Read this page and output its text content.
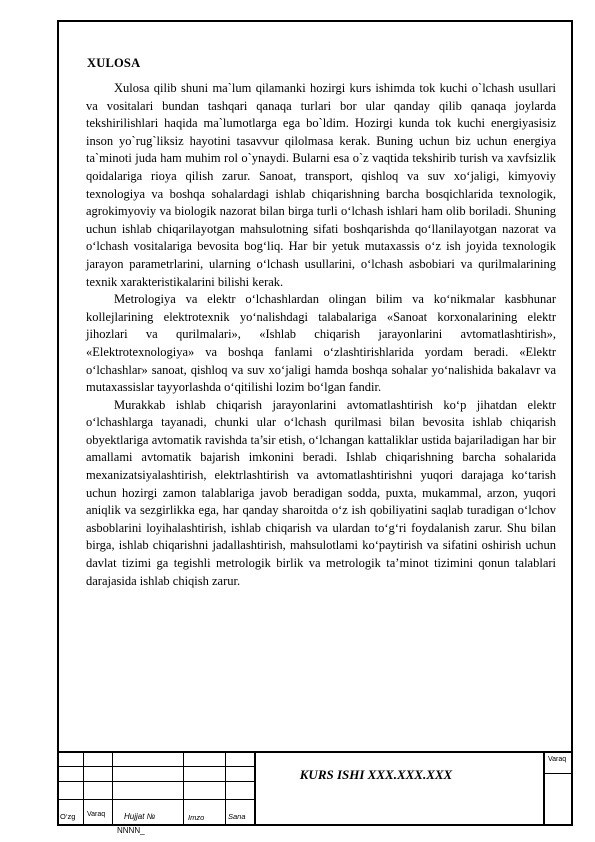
XULOSA

Xulosa qilib shuni ma`lum qilamanki hozirgi kurs ishimda tok kuchi o`lchash usullari va vositalari bundan tashqari qanaqa turlari bor ular qanday qilib qanaqa joylarda tekshirilishlari haqida ma`lumotlarga ega bo`ldim. Hozirgi kunda tok kuchi energiyasisiz inson yo`rug`liksiz hayotini tasavvur qilolmasa kerak. Buning uchun biz uchun energiya ta`minoti juda ham muhim rol o`ynaydi. Bularni esa o`z vaqtida tekshirib turish va xavfsizlik qoidalariga rioya qilish zarur. Sanoat, transport, qishloq va suv xo‘jaligi, kimyoviy texnologiya va boshqa sohalardagi ishlab chiqarishning barcha bosqichlarida texnologik, agrokimyoviy va biologik nazorat bilan birga turli o‘lchash ishlari ham olib boriladi. Shuning uchun ishlab chiqarilayotgan mahsulotning sifati boshqarishda qo‘llanilayotgan nazorat va o‘lchash vositalariga bevosita bog‘liq. Har bir yetuk mutaxassis o‘z ish joyida texnologik jarayon parametrlarini, ularning o‘lchash usullarini, o‘lchash asbobiari va qurilmalarining texnik xarakteristikalarini bilishi kerak.

Metrologiya va elektr o‘lchashlardan olingan bilim va ko‘nikmalar kasbhunar kollejlarining elektrotexnik yo‘nalishdagi talabalariga «Sanoat korxonalarining elektr jihozlari va qurilmalari», «Ishlab chiqarish jarayonlarini avtomatlashtirish», «Elektrotexnologiya» va boshqa fanlami o‘zlashtirishlarida yordam beradi. «Elektr o‘lchashlar» sanoat, qishloq va suv xo‘jaligi hamda boshqa sohalar yo‘nalishida bakalavr va mutaxassislar tayyorlashda o‘qitilishi lozim bo‘lgan fandir.

Murakkab ishlab chiqarish jarayonlarini avtomatlashtirish ko‘p jihatdan elektr o‘lchashlarga tayanadi, chunki ular o‘lchash qurilmasi bilan bevosita ishlab chiqarish obyektlariga avtomatik ravishda ta’sir etish, o‘lchangan kattaliklar ustida bajariladigan har bir amallami avtomatik bajarish imkonini beradi. Ishlab chiqarishning barcha sohalarida mexanizatsiyalashtirish, elektrlashtirish va avtomatlashtirishni yuqori darajaga ko‘tarish uchun hozirgi zamon talablariga javob beradigan sodda, puxta, mukammal, arzon, yuqori aniqlik va sezgirlikka ega, har qanday sharoitda o‘z ish qobiliyatini saqlab turadigan o‘lchov asboblarini loyihalashtirish, ishlab chiqarish va ulardan to‘g‘ri foydalanish zarur. Shu bilan birga, ishlab chiqarishni jadallashtirish, mahsulotlami ko‘paytirish va sifatini oshirish uchun davlat tizimi ga tegishli metrologik birlik va metrologik ta’minot tizimini qonun talablari darajasida ishlab chiqish zarur.

KURS ISHI XXX.XXX.XXX
Varaq
O‘zg Varaq Hujjat №	Imzo	Sana
NNNN_
